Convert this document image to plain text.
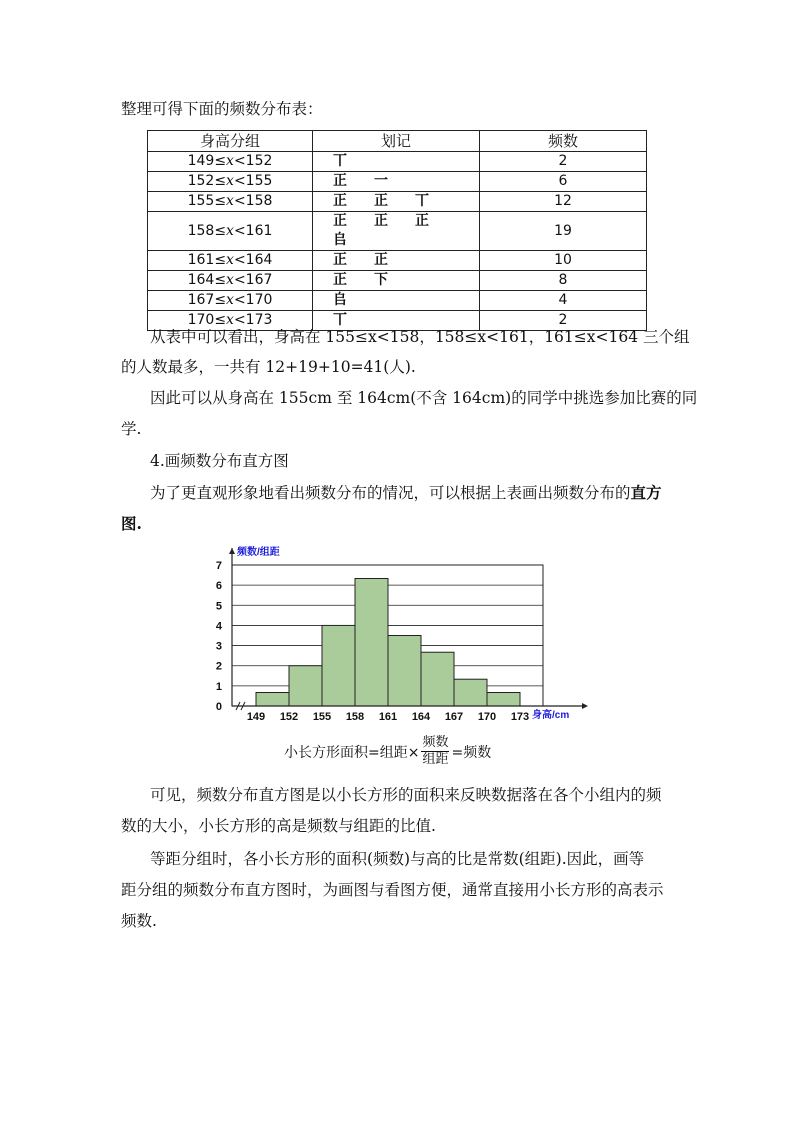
整理可得下面的频数分布表：

身高分组	划记	频数
149≤x<152	丅	2
152≤x<155	正 一	6
155≤x<158	正 正 丅	12
158≤x<161	正 正 正𠂤	19
161≤x<164	正 正	10
164≤x<167	正 下	8
167≤x<170	𠂤	4
170≤x<173	丅	2

从表中可以看出，身高在 155≤x<158，158≤x<161，161≤x<164 三个组

的人数最多，一共有 12+19+10=41(人).

因此可以从身高在 155cm 至 164cm(不含 164cm)的同学中挑选参加比赛的同

学.

4.画频数分布直方图

为了更直观形象地看出频数分布的情况，可以根据上表画出频数分布的直方

图.

0
1
2
3
4
5
6
7
149 152 155 158 161 164 167 170 173
频数/组距
身高/cm
小长方形面积=组距× $\frac{\text{频数}}{\text{组距}}$ =频数

可见，频数分布直方图是以小长方形的面积来反映数据落在各个小组内的频

数的大小，小长方形的高是频数与组距的比值.

等距分组时，各小长方形的面积(频数)与高的比是常数(组距).因此，画等

距分组的频数分布直方图时，为画图与看图方便，通常直接用小长方形的高表示

频数.
